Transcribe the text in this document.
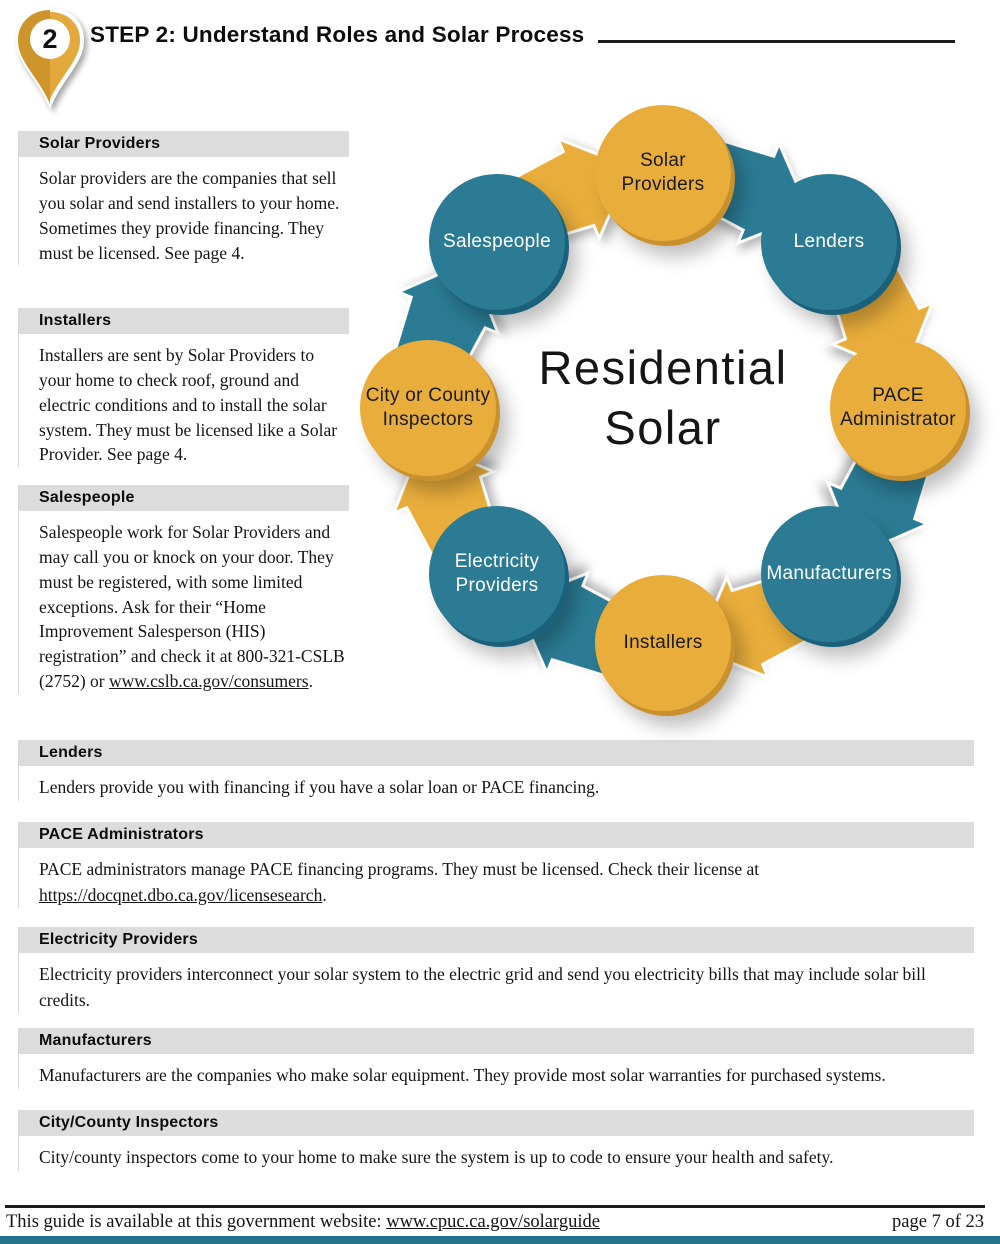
2 STEP 2: Understand Roles and Solar Process
Solar Providers
Solar providers are the companies that sell you solar and send installers to your home. Sometimes they provide financing. They must be licensed. See page 4.
Installers
Installers are sent by Solar Providers to your home to check roof, ground and electric conditions and to install the solar system. They must be licensed like a Solar Provider. See page 4.
Salespeople
Salespeople work for Solar Providers and may call you or knock on your door. They must be registered, with some limited exceptions. Ask for their “Home Improvement Salesperson (HIS) registration” and check it at 800-321-CSLB (2752) or www.cslb.ca.gov/consumers.
Solar Providers
Lenders
PACE Administrator
Manufacturers
Installers
Electricity Providers
City or County Inspectors
Salespeople
Residential
Solar
Lenders
Lenders provide you with financing if you have a solar loan or PACE financing.
PACE Administrators
PACE administrators manage PACE financing programs. They must be licensed. Check their license at https://docqnet.dbo.ca.gov/licensesearch.
Electricity Providers
Electricity providers interconnect your solar system to the electric grid and send you electricity bills that may include solar bill credits.
Manufacturers
Manufacturers are the companies who make solar equipment. They provide most solar warranties for purchased systems.
City/County Inspectors
City/county inspectors come to your home to make sure the system is up to code to ensure your health and safety.
This guide is available at this government website: www.cpuc.ca.gov/solarguide	page 7 of 23
